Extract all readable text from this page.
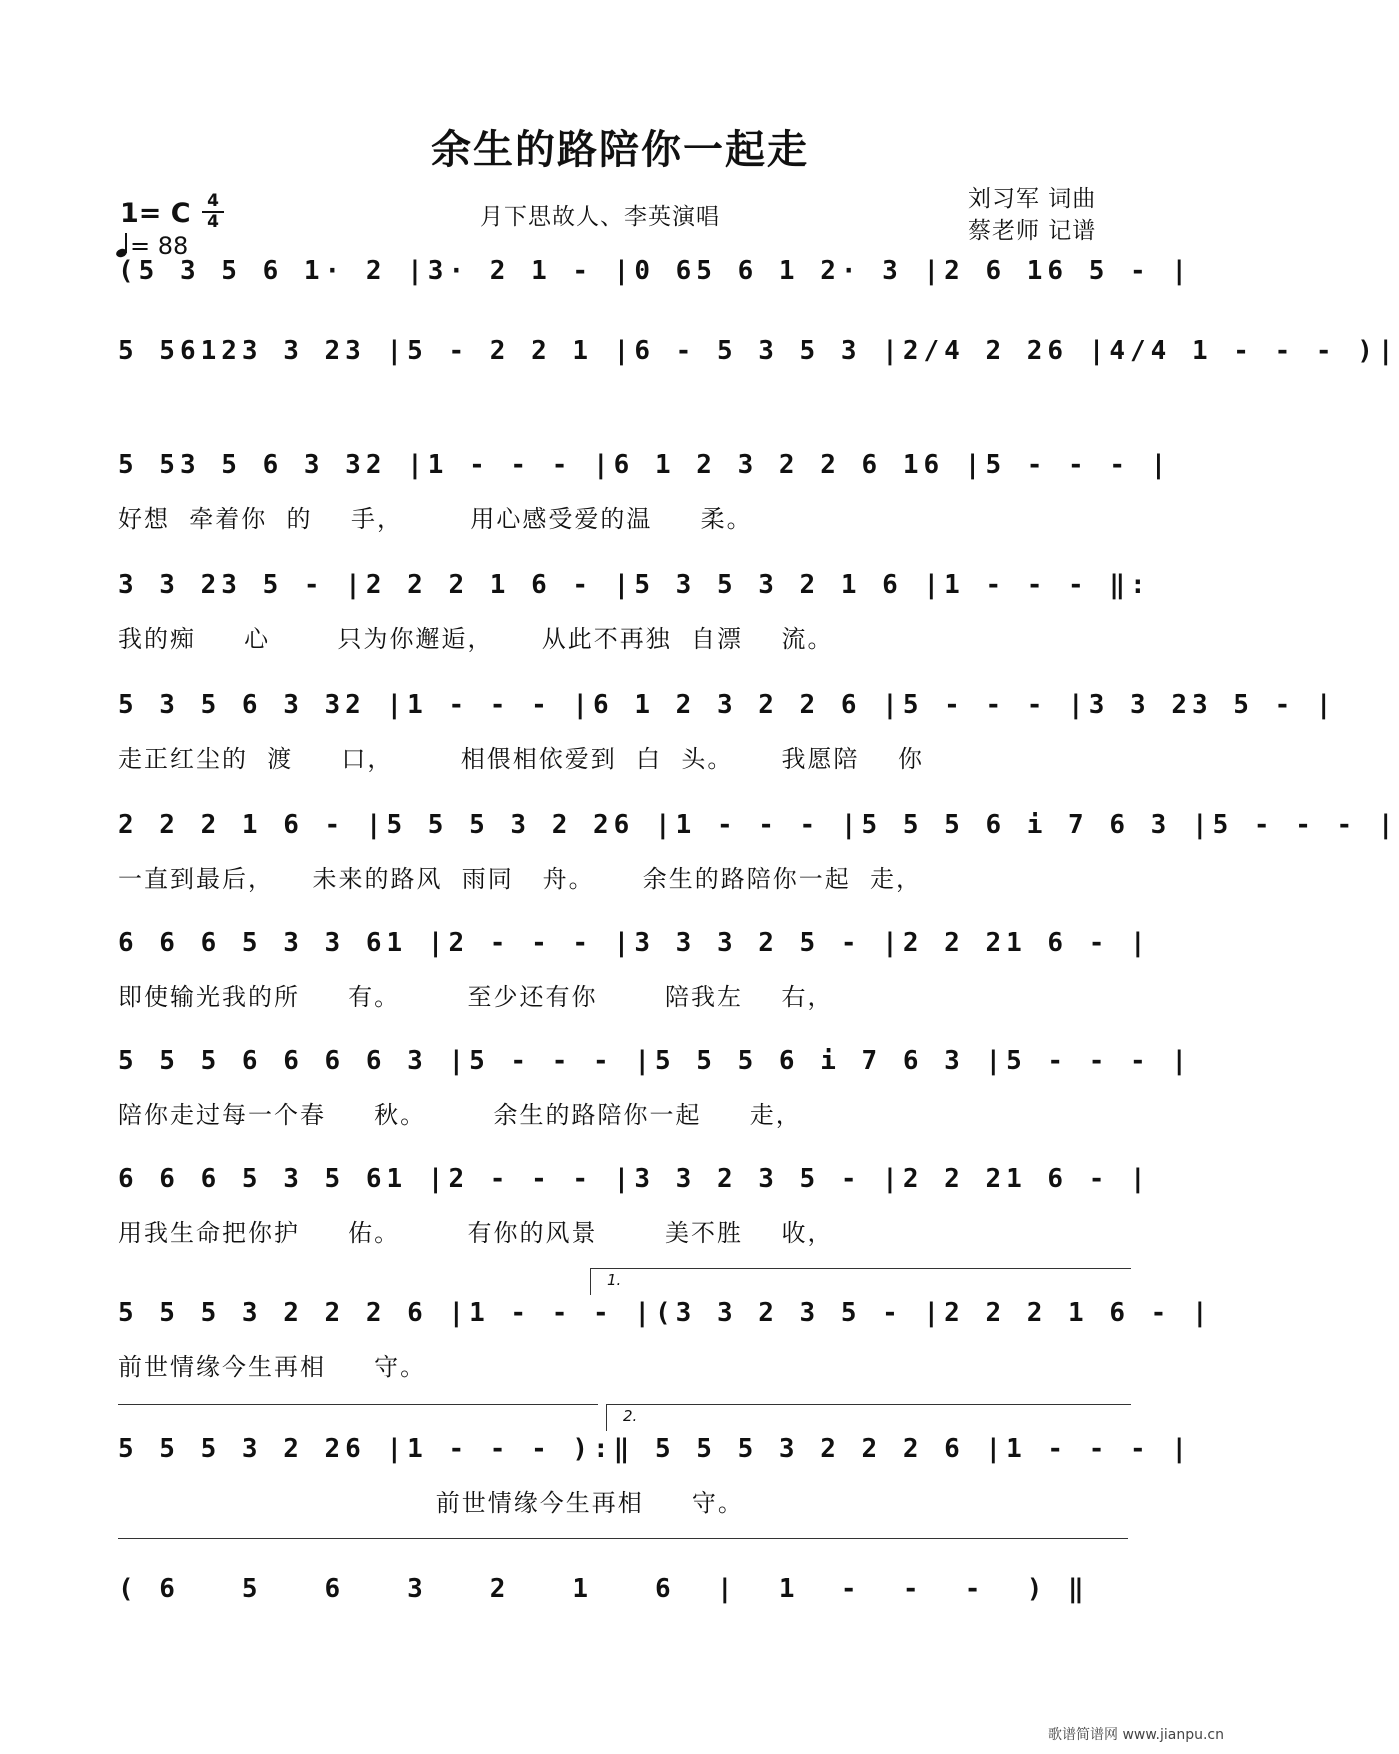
余生的路陪你一起走
1= C 4
4
= 88
月下思故人、李英演唱
刘习军 词曲
蔡老师 记谱
(5 3 5 6 1· 2 |3· 2 1 - |0 65 6 1 2· 3 |2 6 16 5 - |
5 56123 3 23 |5 - 2 2 1 |6 - 5 3 5 3 |2/4 2 26 |4/4 1 - - - )|
5 53 5 6 3 32 |1 - - - |6 1 2 3 2 2 6 16 |5 - - - |
好想  牵着你  的    手，       用心感受爱的温     柔。
3 3 23 5 - |2 2 2 1 6 - |5 3 5 3 2 1 6 |1 - - - ‖:
我的痴     心       只为你邂逅，     从此不再独  自漂    流。
5 3 5 6 3 32 |1 - - - |6 1 2 3 2 2 6 |5 - - - |3 3 23 5 - |
走正红尘的  渡     口，       相偎相依爱到  白  头。     我愿陪    你
2 2 2 1 6 - |5 5 5 3 2 26 |1 - - - |5 5 5 6 i 7 6 3 |5 - - - |
一直到最后，    未来的路风  雨同   舟。     余生的路陪你一起  走，
6 6 6 5 3 3 61 |2 - - - |3 3 3 2 5 - |2 2 21 6 - |
即使输光我的所     有。       至少还有你       陪我左    右，
5 5 5 6 6 6 6 3 |5 - - - |5 5 5 6 i 7 6 3 |5 - - - |
陪你走过每一个春     秋。       余生的路陪你一起     走，
6 6 6 5 3 5 61 |2 - - - |3 3 2 3 5 - |2 2 21 6 - |
用我生命把你护     佑。       有你的风景       美不胜    收，
1.
5 5 5 3 2 2 2 6 |1 - - - |(3 3 2 3 5 - |2 2 2 1 6 - |
前世情缘今生再相     守。
2.
5 5 5 3 2 26 |1 - - - ):‖ 5 5 5 3 2 2 2 6 |1 - - - |
前世情缘今生再相     守。
( 6   5   6   3   2   1   6  |  1  -  -  -  ) ‖
歌谱简谱网 www.jianpu.cn
